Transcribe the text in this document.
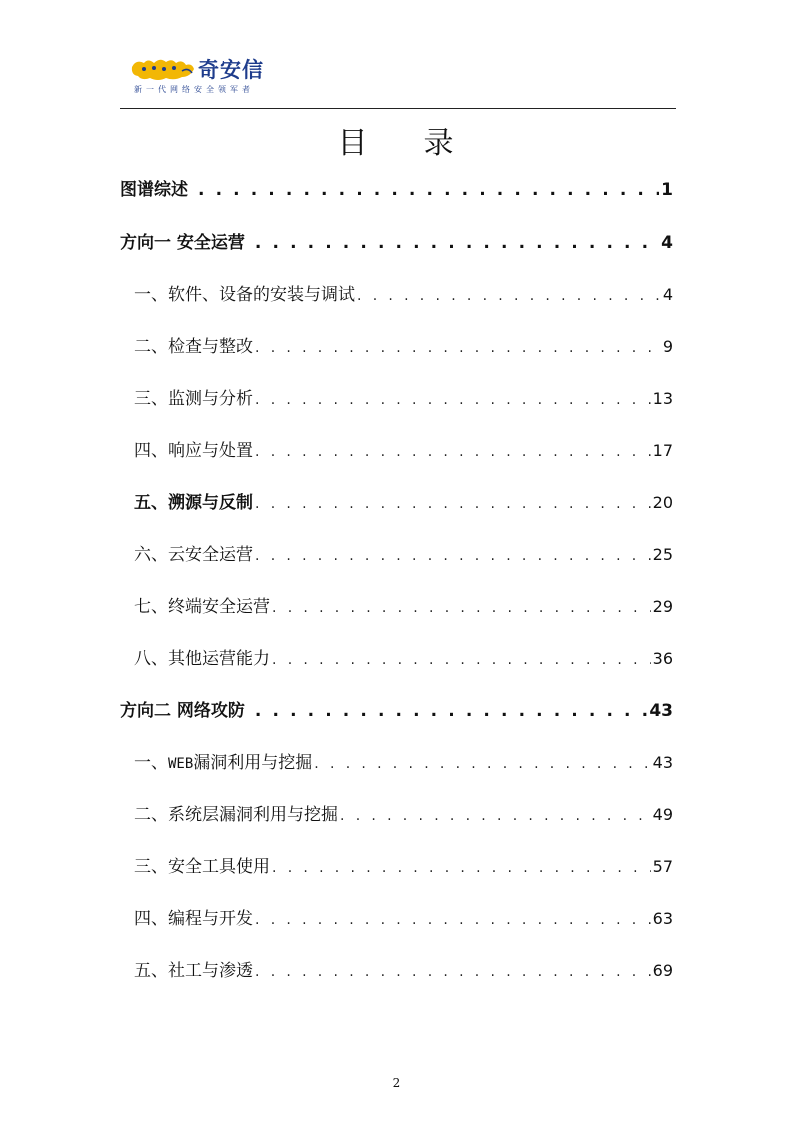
奇安信
新一代网络安全领军者
目 录
图谱综述 . . .	1
方向一 安全运营 . . .	4
一、 软件、设备的安装与调试 . . .	4
二、 检查与整改 . . .	9
三、 监测与分析 . . .	13
四、 响应与处置 . . .	17
五、 溯源与反制 . . .	20
六、 云安全运营 . . .	25
七、 终端安全运营 . . .	29
八、 其他运营能力 . . .	36
方向二 网络攻防 . . .	43
一、 WEB漏洞利用与挖掘 . . .	43
二、 系统层漏洞利用与挖掘 . . .	49
三、 安全工具使用 . . .	57
四、 编程与开发 . . .	63
五、 社工与渗透 . . .	69
2
